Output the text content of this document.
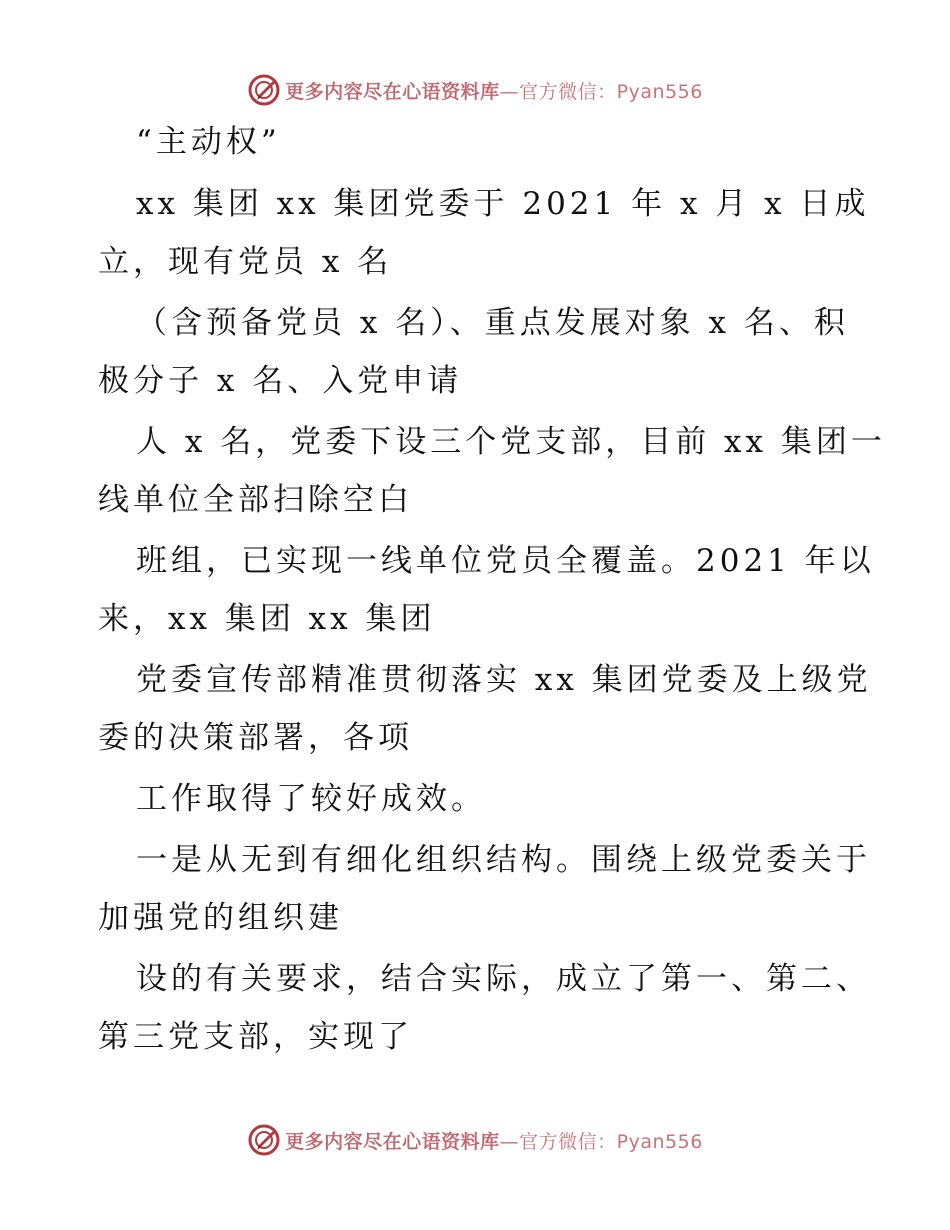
更多内容尽在心语资料库—官方微信：Pyan556
“主动权”
xx 集团 xx 集团党委于 2021 年 x 月 x 日成
立，现有党员 x 名
（含预备党员 x 名）、重点发展对象 x 名、积
极分子 x 名、入党申请
人 x 名，党委下设三个党支部，目前 xx 集团一
线单位全部扫除空白
班组，已实现一线单位党员全覆盖。2021 年以
来，xx 集团 xx 集团
党委宣传部精准贯彻落实 xx 集团党委及上级党
委的决策部署，各项
工作取得了较好成效。
一是从无到有细化组织结构。围绕上级党委关于
加强党的组织建
设的有关要求，结合实际，成立了第一、第二、
第三党支部，实现了
更多内容尽在心语资料库—官方微信：Pyan556
